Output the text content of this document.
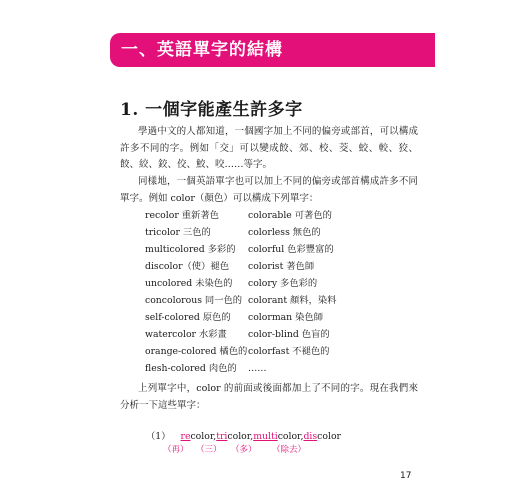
一、英語單字的結構
1. 一個字能產生許多字

學過中文的人都知道，一個國字加上不同的偏旁或部首，可以構成許多不同的字。例如「交」可以變成餃、郊、校、茭、蛟、較、狡、餃、絞、鉸、佼、鮫、咬……等字。

同樣地，一個英語單字也可以加上不同的偏旁或部首構成許多不同單字。例如 color（顏色）可以構成下列單字：

recolor 重新著色	colorable 可著色的
tricolor 三色的	colorless 無色的
multicolored 多彩的	colorful 色彩豐富的
discolor（使）褪色	colorist 著色師
uncolored 未染色的	colory 多色彩的
concolorous 同一色的 colorant 顏料，染料
self-colored 原色的	colorman 染色師
watercolor 水彩畫	color-blind 色盲的
orange-colored 橘色的 colorfast 不褪色的
flesh-colored 肉色的	……

上列單字中，color 的前面或後面都加上了不同的字。現在我們來分析一下這些單字：

（1） recolor, tricolor, multicolor, discolor
（再） （三） （多） （除去）
17
